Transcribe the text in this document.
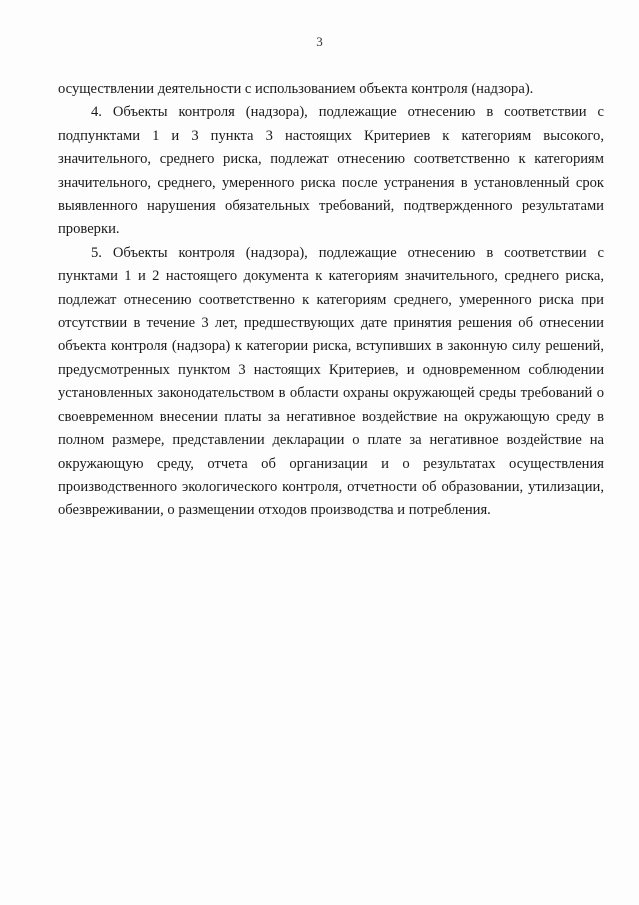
3

осуществлении деятельности с использованием объекта контроля (надзора).

4. Объекты контроля (надзора), подлежащие отнесению в соответствии с подпунктами 1 и 3 пункта 3 настоящих Критериев к категориям высокого, значительного, среднего риска, подлежат отнесению соответственно к категориям значительного, среднего, умеренного риска после устранения в установленный срок выявленного нарушения обязательных требований, подтвержденного результатами проверки.

5. Объекты контроля (надзора), подлежащие отнесению в соответствии с пунктами 1 и 2 настоящего документа к категориям значительного, среднего риска, подлежат отнесению соответственно к категориям среднего, умеренного риска при отсутствии в течение 3 лет, предшествующих дате принятия решения об отнесении объекта контроля (надзора) к категории риска, вступивших в законную силу решений, предусмотренных пунктом 3 настоящих Критериев, и одновременном соблюдении установленных законодательством в области охраны окружающей среды требований о своевременном внесении платы за негативное воздействие на окружающую среду в полном размере, представлении декларации о плате за негативное воздействие на окружающую среду, отчета об организации и о результатах осуществления производственного экологического контроля, отчетности об образовании, утилизации, обезвреживании, о размещении отходов производства и потребления.
